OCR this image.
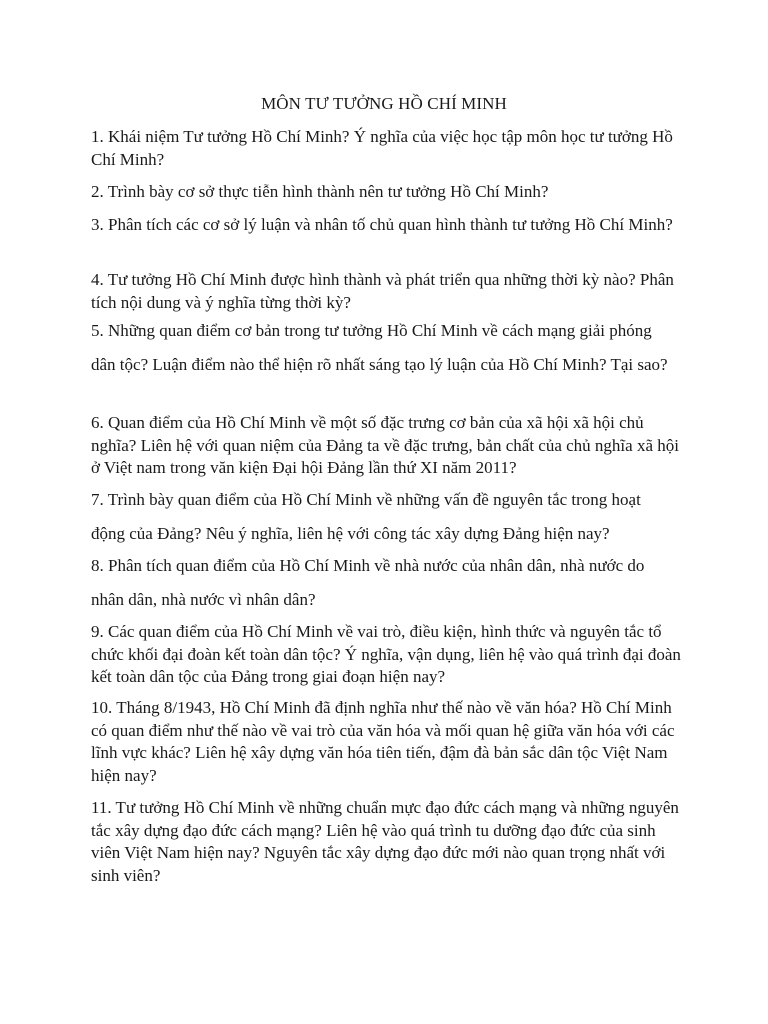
MÔN TƯ TƯỞNG HỒ CHÍ MINH

1. Khái niệm Tư tưởng Hồ Chí Minh? Ý nghĩa của việc học tập môn học tư tưởng Hồ Chí Minh?

2. Trình bày cơ sở thực tiễn hình thành nên tư tưởng Hồ Chí Minh?

3. Phân tích các cơ sở lý luận và nhân tố chủ quan hình thành tư tưởng Hồ Chí Minh?

4. Tư tưởng Hồ Chí Minh được hình thành và phát triển qua những thời kỳ nào? Phân tích nội dung và ý nghĩa từng thời kỳ?

5. Những quan điểm cơ bản trong tư tưởng Hồ Chí Minh về cách mạng giải phóng
dân tộc? Luận điểm nào thể hiện rõ nhất sáng tạo lý luận của Hồ Chí Minh? Tại sao?

6. Quan điểm của Hồ Chí Minh về một số đặc trưng cơ bản của xã hội xã hội chủ nghĩa? Liên hệ với quan niệm của Đảng ta về đặc trưng, bản chất của chủ nghĩa xã hội ở Việt nam trong văn kiện Đại hội Đảng lần thứ XI năm 2011?

7. Trình bày quan điểm của Hồ Chí Minh về những vấn đề nguyên tắc trong hoạt
động của Đảng? Nêu ý nghĩa, liên hệ với công tác xây dựng Đảng hiện nay?

8. Phân tích quan điểm của Hồ Chí Minh về nhà nước của nhân dân, nhà nước do
nhân dân, nhà nước vì nhân dân?

9. Các quan điểm của Hồ Chí Minh về vai trò, điều kiện, hình thức và nguyên tắc tổ chức khối đại đoàn kết toàn dân tộc? Ý nghĩa, vận dụng, liên hệ vào quá trình đại đoàn kết toàn dân tộc của Đảng trong giai đoạn hiện nay?

10. Tháng 8/1943, Hồ Chí Minh đã định nghĩa như thế nào về văn hóa? Hồ Chí Minh có quan điểm như thế nào về vai trò của văn hóa và mối quan hệ giữa văn hóa với các lĩnh vực khác? Liên hệ xây dựng văn hóa tiên tiến, đậm đà bản sắc dân tộc Việt Nam hiện nay?

11. Tư tưởng Hồ Chí Minh về những chuẩn mực đạo đức cách mạng và những nguyên tắc xây dựng đạo đức cách mạng? Liên hệ vào quá trình tu dưỡng đạo đức của sinh viên Việt Nam hiện nay? Nguyên tắc xây dựng đạo đức mới nào quan trọng nhất với sinh viên?
